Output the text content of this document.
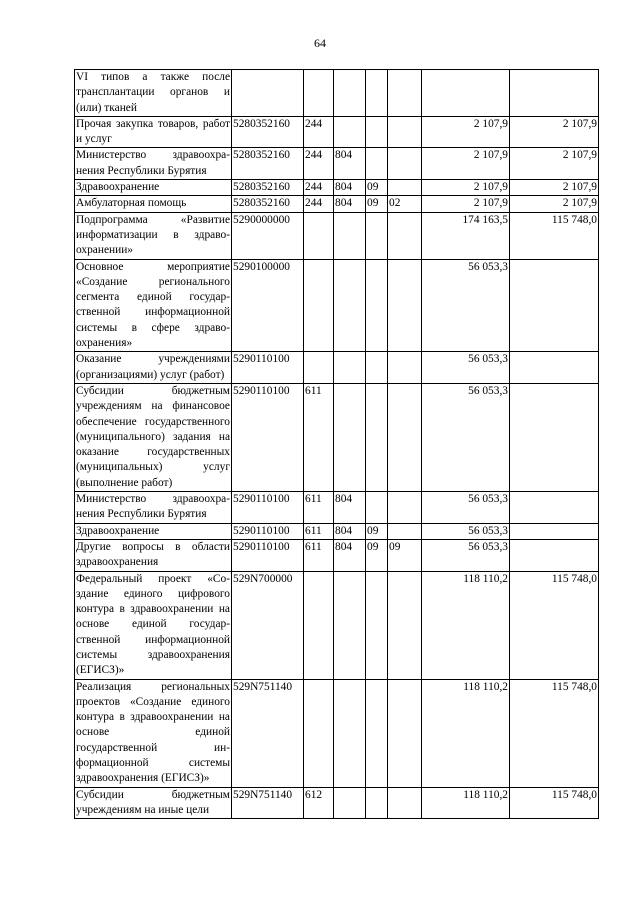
64
VI типов а также после трансплантации органов и (или) тканей							
Прочая закупка товаров, работ и услуг	5280352160	244				2 107,9	2 107,9
Министерство здравоохранения Республики Бурятия	5280352160	244	804			2 107,9	2 107,9
Здравоохранение	5280352160	244	804	09		2 107,9	2 107,9
Амбулаторная помощь	5280352160	244	804	09	02	2 107,9	2 107,9
Подпрограмма «Развитие информатизации в здравоохранении»	5290000000					174 163,5	115 748,0
Основное мероприятие «Создание регионального сегмента единой государственной информационной системы в сфере здравоохранения»	5290100000					56 053,3	
Оказание учреждениями (организациями) услуг (работ)	5290110100					56 053,3	
Субсидии бюджетным учреждениям на финансовое обеспечение государственного (муниципального) задания на оказание государственных (муниципальных) услуг (выполнение работ)	5290110100	611				56 053,3	
Министерство здравоохранения Республики Бурятия	5290110100	611	804			56 053,3	
Здравоохранение	5290110100	611	804	09		56 053,3	
Другие вопросы в области здравоохранения	5290110100	611	804	09	09	56 053,3	
Федеральный проект «Создание единого цифрового контура в здравоохранении на основе единой государственной информационной системы здравоохранения (ЕГИСЗ)»	529N700000					118 110,2	115 748,0
Реализация региональных проектов «Создание единого контура в здравоохранении на основе единой государственной информационной системы здравоохранения (ЕГИСЗ)»	529N751140					118 110,2	115 748,0
Субсидии бюджетным учреждениям на иные цели	529N751140	612				118 110,2	115 748,0
